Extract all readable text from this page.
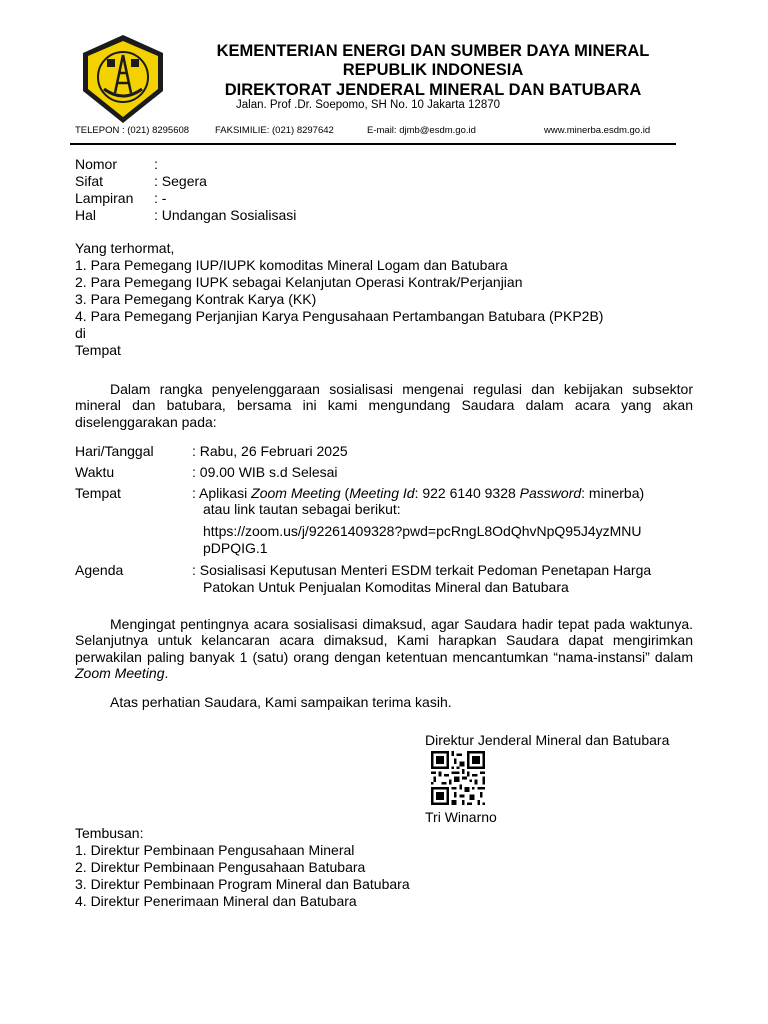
KEMENTERIAN ENERGI DAN SUMBER DAYA MINERAL
REPUBLIK INDONESIA
DIREKTORAT JENDERAL MINERAL DAN BATUBARA
Jalan. Prof .Dr. Soepomo, SH No. 10 Jakarta 12870
TELEPON : (021) 8295608	FAKSIMILIE: (021) 8297642	E-mail: djmb@esdm.go.id	www.minerba.esdm.go.id
Nomor	:
Sifat	: Segera
Lampiran : -
Hal	: Undangan Sosialisasi
Yang terhormat,
1. Para Pemegang IUP/IUPK komoditas Mineral Logam dan Batubara
2. Para Pemegang IUPK sebagai Kelanjutan Operasi Kontrak/Perjanjian
3. Para Pemegang Kontrak Karya (KK)
4. Para Pemegang Perjanjian Karya Pengusahaan Pertambangan Batubara (PKP2B)
di
Tempat

Dalam rangka penyelenggaraan sosialisasi mengenai regulasi dan kebijakan subsektor mineral dan batubara, bersama ini kami mengundang Saudara dalam acara yang akan diselenggarakan pada:

Hari/Tanggal	: Rabu, 26 Februari 2025
Waktu	: 09.00 WIB s.d Selesai
Tempat	: Aplikasi Zoom Meeting (Meeting Id: 922 6140 9328 Password: minerba)
atau link tautan sebagai berikut:
https://zoom.us/j/92261409328?pwd=pcRngL8OdQhvNpQ95J4yzMNU
pDPQIG.1
Agenda	: Sosialisasi Keputusan Menteri ESDM terkait Pedoman Penetapan Harga
Patokan Untuk Penjualan Komoditas Mineral dan Batubara

Mengingat pentingnya acara sosialisasi dimaksud, agar Saudara hadir tepat pada waktunya. Selanjutnya untuk kelancaran acara dimaksud, Kami harapkan Saudara dapat mengirimkan perwakilan paling banyak 1 (satu) orang dengan ketentuan mencantumkan “nama-instansi” dalam Zoom Meeting.

Atas perhatian Saudara, Kami sampaikan terima kasih.
Direktur Jenderal Mineral dan Batubara
Tri Winarno
Tembusan:
1. Direktur Pembinaan Pengusahaan Mineral
2. Direktur Pembinaan Pengusahaan Batubara
3. Direktur Pembinaan Program Mineral dan Batubara
4. Direktur Penerimaan Mineral dan Batubara
